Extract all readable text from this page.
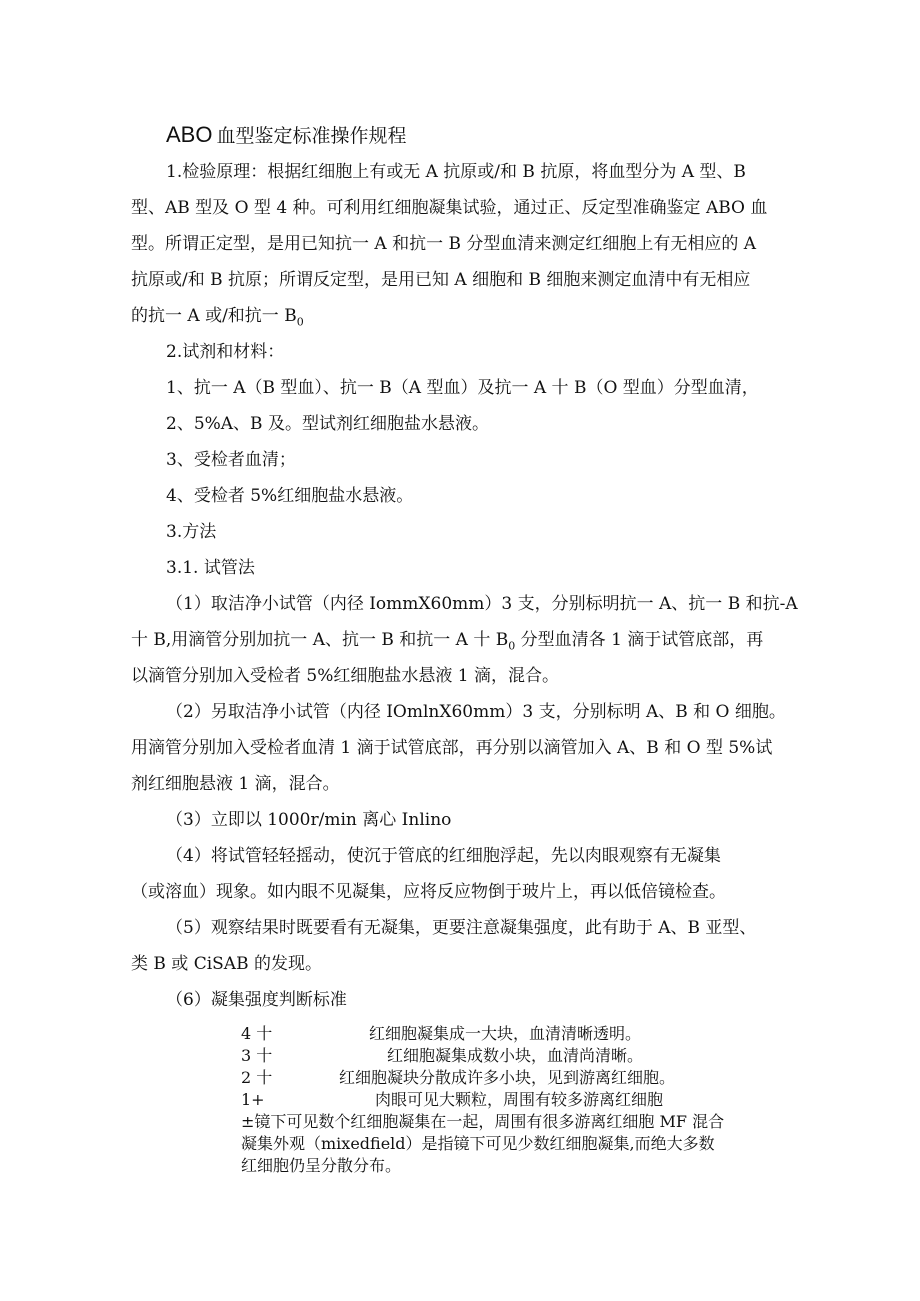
ABO 血型鉴定标准操作规程
1.检验原理：根据红细胞上有或无 A 抗原或/和 B 抗原，将血型分为 A 型、B
型、AB 型及 O 型 4 种。可利用红细胞凝集试验，通过正、反定型准确鉴定 ABO 血
型。所谓正定型，是用已知抗一 A 和抗一 B 分型血清来测定红细胞上有无相应的 A
抗原或/和 B 抗原；所谓反定型，是用已知 A 细胞和 B 细胞来测定血清中有无相应
的抗一 A 或/和抗一 $B_0$
2.试剂和材料：
1、抗一 A（B 型血）、抗一 B（A 型血）及抗一 A 十 B（O 型血）分型血清，
2、5%A、B 及。型试剂红细胞盐水悬液。
3、受检者血清；
4、受检者 5%红细胞盐水悬液。
3.方法
3.1. 试管法
（1）取洁净小试管（内径 IommX60mm）3 支，分别标明抗一 A、抗一 B 和抗-A
十 B,用滴管分别加抗一 A、抗一 B 和抗一 A 十 $B_0$ 分型血清各 1 滴于试管底部，再
以滴管分别加入受检者 5%红细胞盐水悬液 1 滴，混合。
（2）另取洁净小试管（内径 IOmlnX60mm）3 支，分别标明 A、B 和 O 细胞。
用滴管分别加入受检者血清 1 滴于试管底部，再分别以滴管加入 A、B 和 O 型 5%试
剂红细胞悬液 1 滴，混合。
（3）立即以 1000r/min 离心 Inlino
（4）将试管轻轻摇动，使沉于管底的红细胞浮起，先以肉眼观察有无凝集
（或溶血）现象。如内眼不见凝集，应将反应物倒于玻片上，再以低倍镜检查。
（5）观察结果时既要看有无凝集，更要注意凝集强度，此有助于 A、B 亚型、
类 B 或 CiSAB 的发现。
（6）凝集强度判断标准
4 十	红细胞凝集成一大块，血清清晰透明。
3 十	红细胞凝集成数小块，血清尚清晰。
2 十	红细胞凝块分散成许多小块，见到游离红细胞。
1+	肉眼可见大颗粒，周围有较多游离红细胞
±镜下可见数个红细胞凝集在一起，周围有很多游离红细胞 MF 混合
凝集外观（mixedfield）是指镜下可见少数红细胞凝集,而绝大多数
红细胞仍呈分散分布。
